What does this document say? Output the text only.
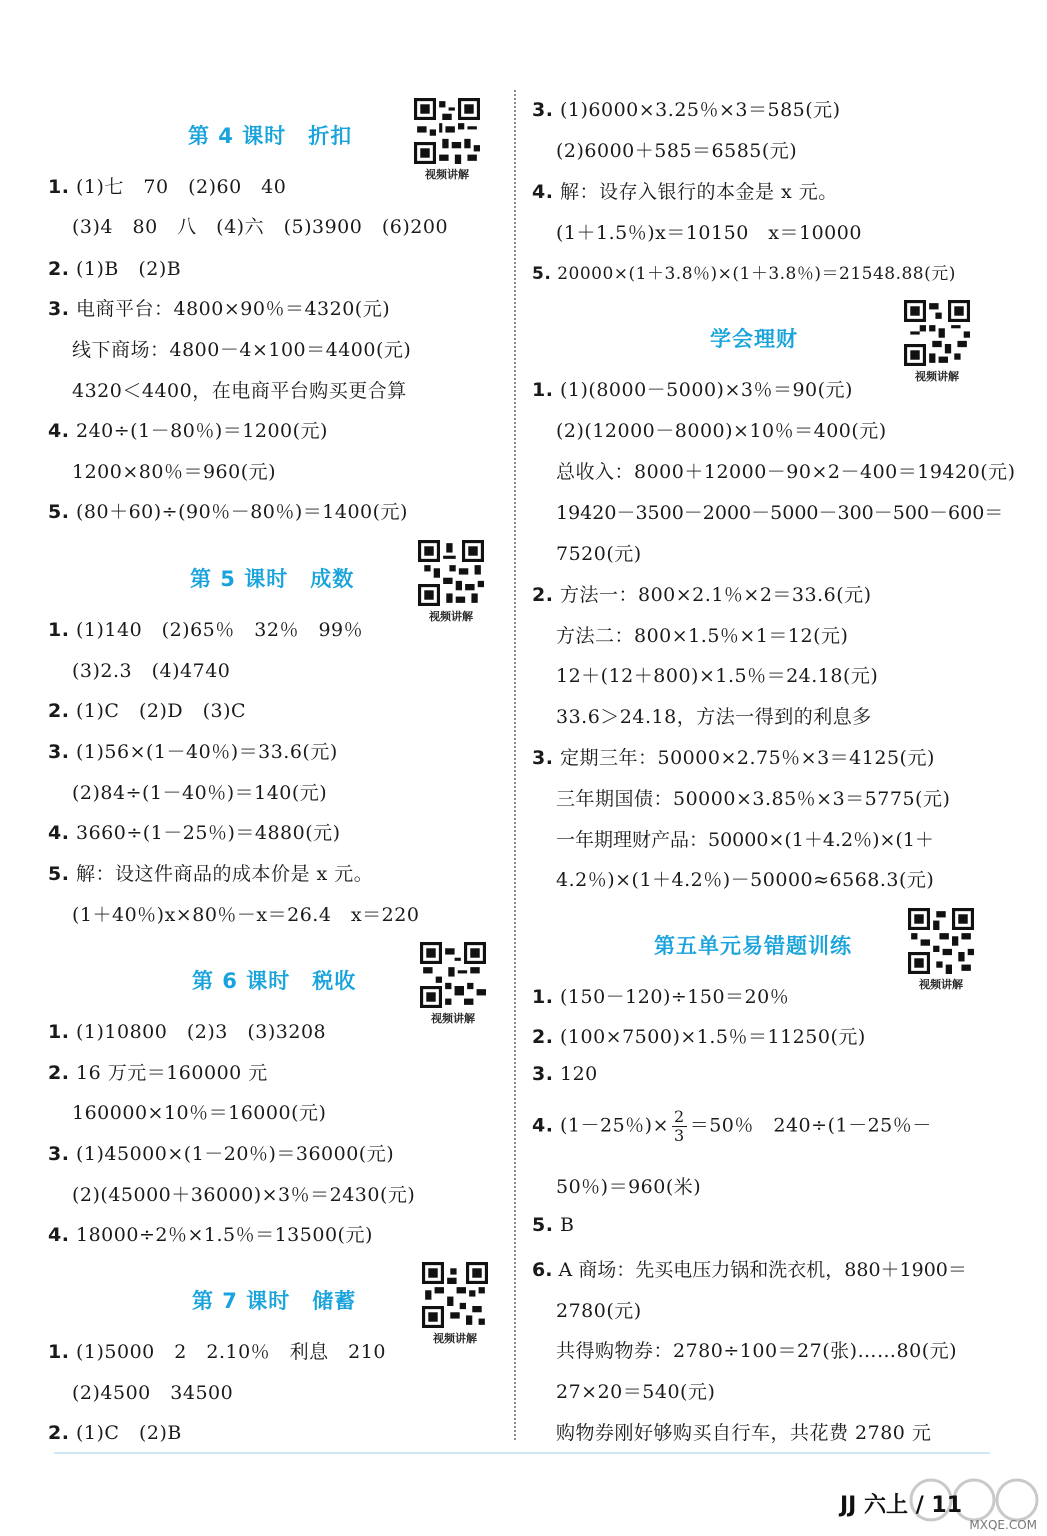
第 4 课时　折扣
视频讲解
1. (1)七　70　(2)60　40
(3)4　80　八　(4)六　(5)3900　(6)200
2. (1)B　(2)B
3. 电商平台：4800×90％＝4320(元)
线下商场：4800－4×100＝4400(元)
4320＜4400，在电商平台购买更合算
4. 240÷(1－80％)＝1200(元)
1200×80％＝960(元)
5. (80＋60)÷(90％－80％)＝1400(元)
第 5 课时　成数
视频讲解
1. (1)140　(2)65％　32％　99％
(3)2.3　(4)4740
2. (1)C　(2)D　(3)C
3. (1)56×(1－40％)＝33.6(元)
(2)84÷(1－40％)＝140(元)
4. 3660÷(1－25％)＝4880(元)
5. 解：设这件商品的成本价是 x 元。
(1＋40％)x×80％－x＝26.4　x＝220
第 6 课时　税收
视频讲解
1. (1)10800　(2)3　(3)3208
2. 16 万元＝160000 元
160000×10％＝16000(元)
3. (1)45000×(1－20％)＝36000(元)
(2)(45000＋36000)×3％＝2430(元)
4. 18000÷2％×1.5％＝13500(元)
第 7 课时　储蓄
视频讲解
1. (1)5000　2　2.10％　利息　210
(2)4500　34500
2. (1)C　(2)B
3. (1)6000×3.25％×3＝585(元)
(2)6000＋585＝6585(元)
4. 解：设存入银行的本金是 x 元。
(1＋1.5％)x＝10150　x＝10000
5. 20000×(1＋3.8％)×(1＋3.8％)＝21548.88(元)
学会理财
视频讲解
1. (1)(8000－5000)×3％＝90(元)
(2)(12000－8000)×10％＝400(元)
总收入：8000＋12000－90×2－400＝19420(元)
19420－3500－2000－5000－300－500－600＝
7520(元)
2. 方法一：800×2.1％×2＝33.6(元)
方法二：800×1.5％×1＝12(元)
12＋(12＋800)×1.5％＝24.18(元)
33.6＞24.18，方法一得到的利息多
3. 定期三年：50000×2.75％×3＝4125(元)
三年期国债：50000×3.85％×3＝5775(元)
一年期理财产品：50000×(1＋4.2％)×(1＋
4.2％)×(1＋4.2％)－50000≈6568.3(元)
第五单元易错题训练
视频讲解
1. (150－120)÷150＝20％
2. (100×7500)×1.5％＝11250(元)
3. 120
4. (1－25％)× $\frac{2}{3} =50$％　240÷(1－25％－
50％)＝960(米)
5. B
6. A 商场：先买电压力锅和洗衣机，880＋1900＝
2780(元)
共得购物券：2780÷100＝27(张)……80(元)
27×20＝540(元)
购物券刚好够购买自行车，共花费 2780 元
JJ 六上 / 11
MXQE.COM
